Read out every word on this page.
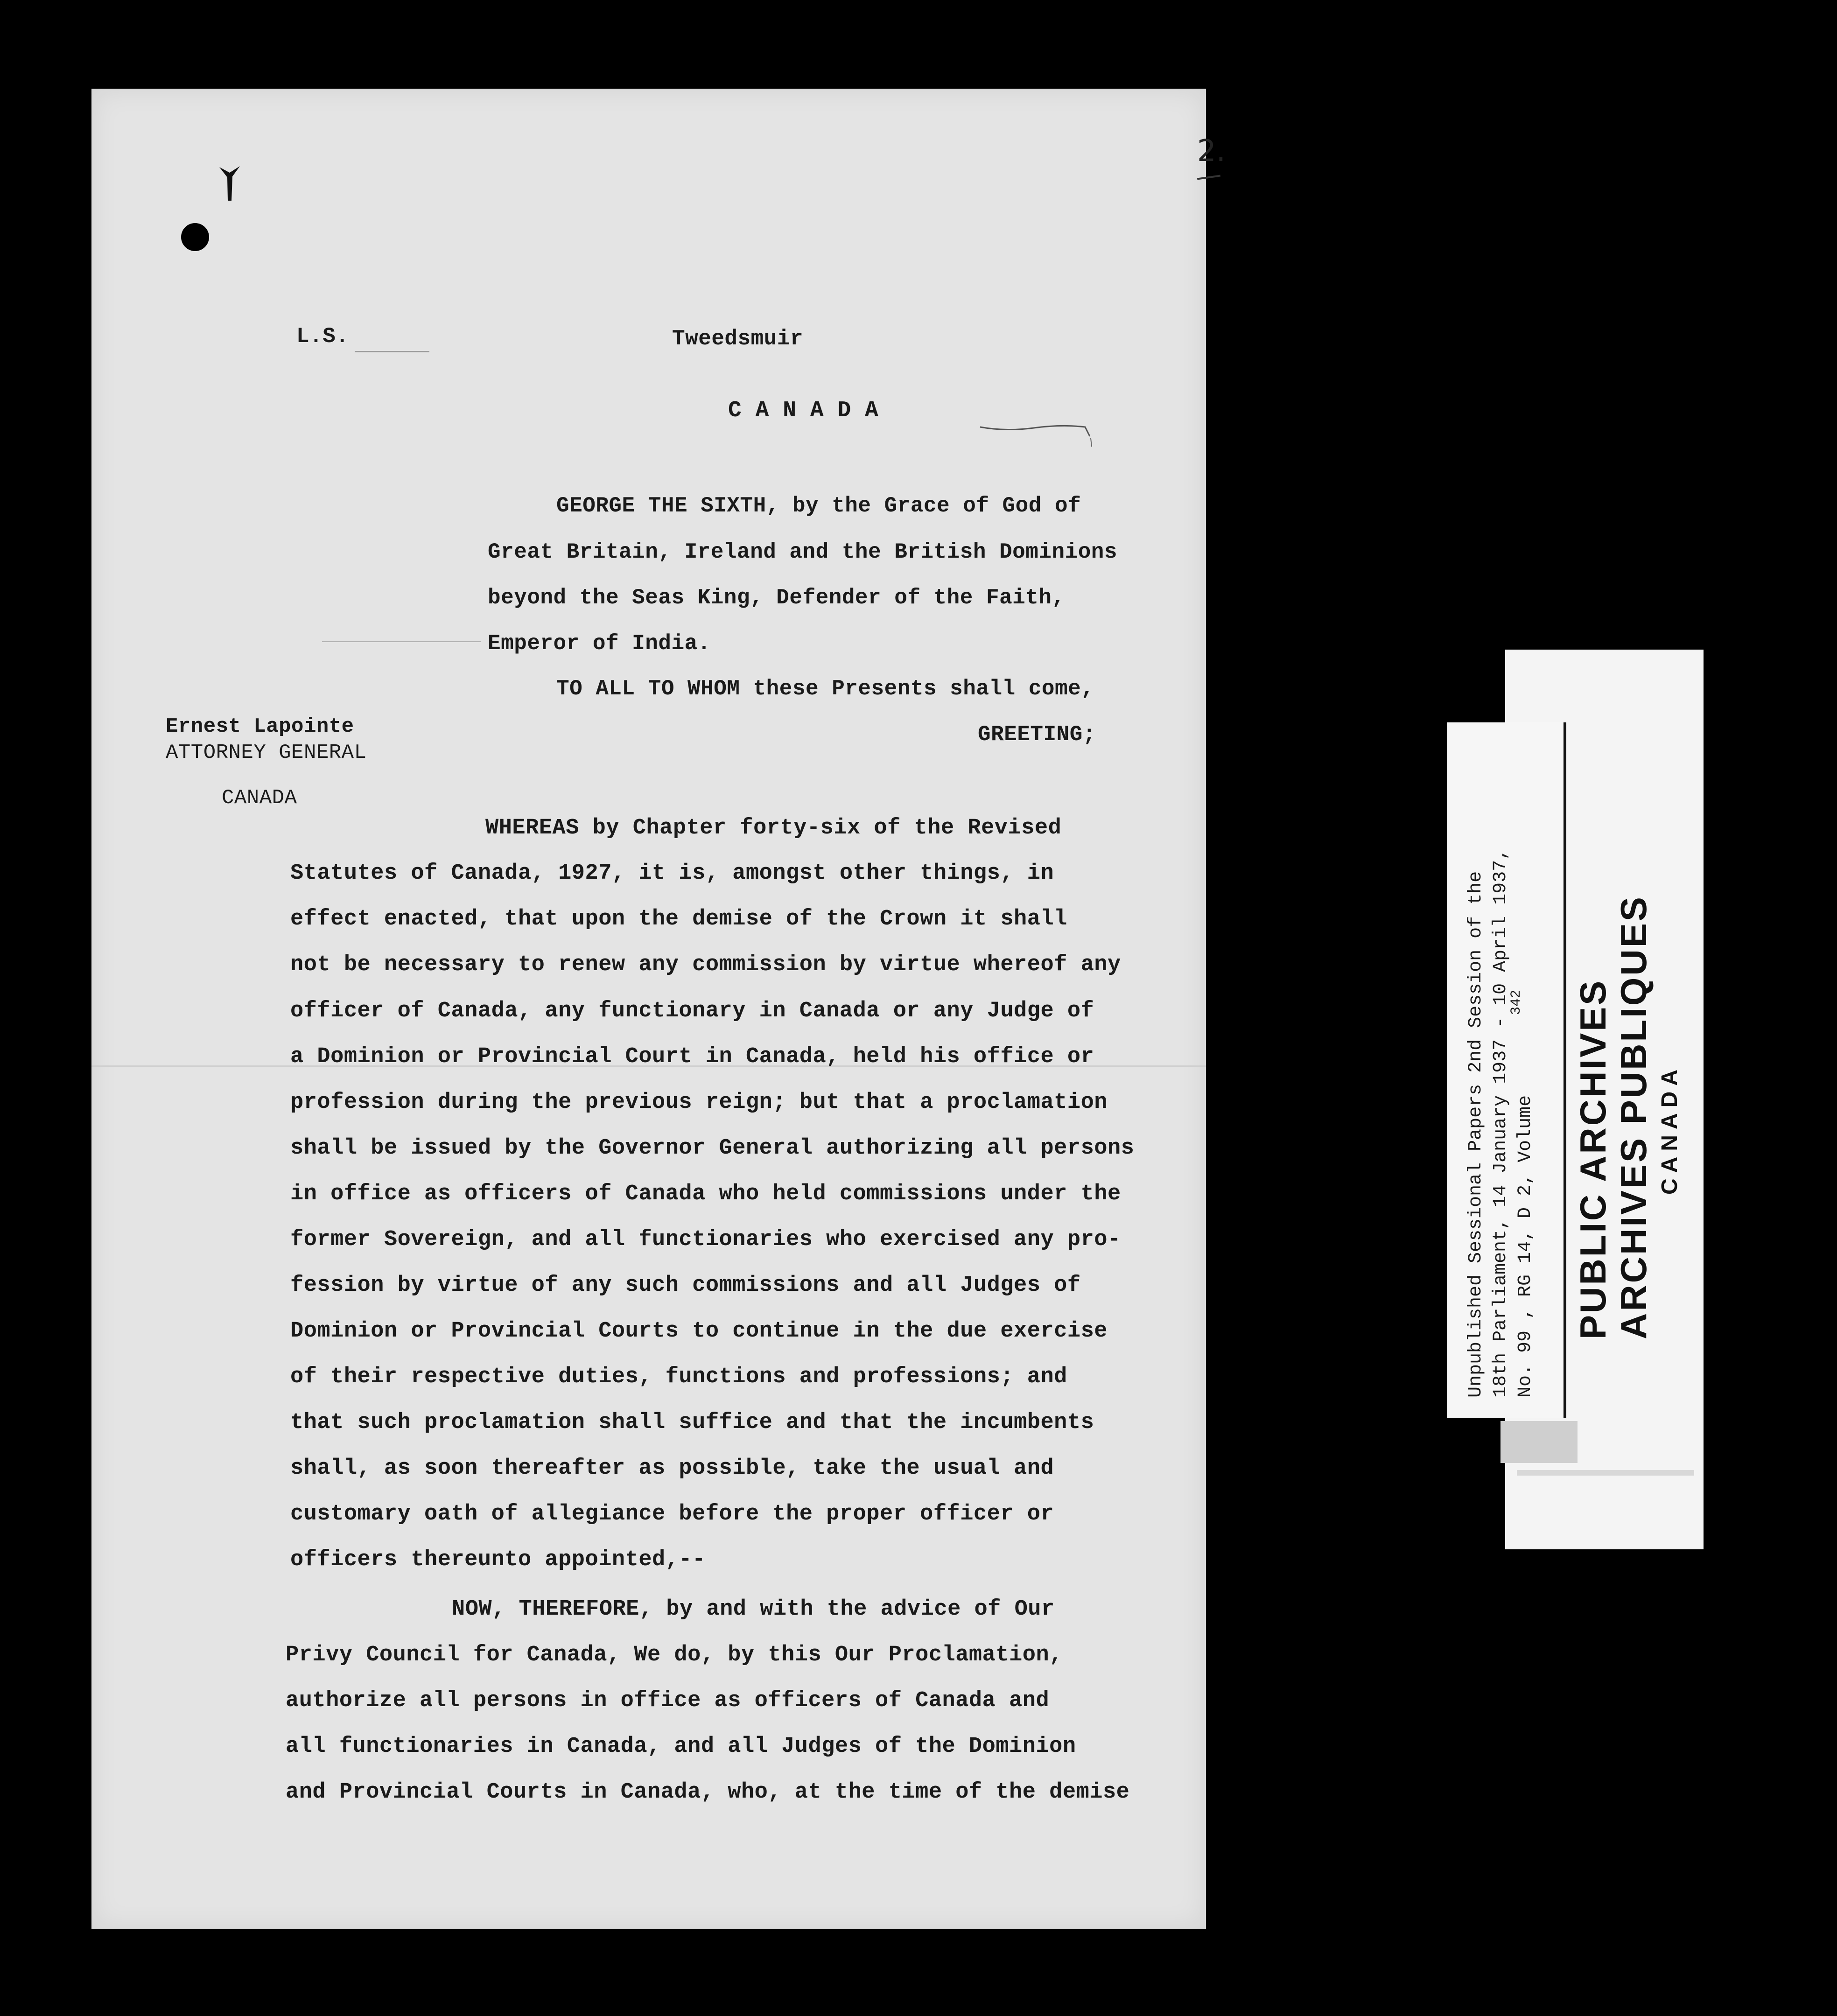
2.
L.S.	Tweedsmuir
C A N A D A
GEORGE THE SIXTH, by the Grace of God of
Great Britain, Ireland and the British Dominions
beyond the Seas King, Defender of the Faith,
Emperor of India.
TO ALL TO WHOM these Presents shall come,
GREETING;
Ernest Lapointe
ATTORNEY GENERAL
CANADA
WHEREAS by Chapter forty-six of the Revised
Statutes of Canada, 1927, it is, amongst other things, in
effect enacted, that upon the demise of the Crown it shall
not be necessary to renew any commission by virtue whereof any
officer of Canada, any functionary in Canada or any Judge of
a Dominion or Provincial Court in Canada, held his office or
profession during the previous reign; but that a proclamation
shall be issued by the Governor General authorizing all persons
in office as officers of Canada who held commissions under the
former Sovereign, and all functionaries who exercised any pro-
fession by virtue of any such commissions and all Judges of
Dominion or Provincial Courts to continue in the due exercise
of their respective duties, functions and professions; and
that such proclamation shall suffice and that the incumbents
shall, as soon thereafter as possible, take the usual and
customary oath of allegiance before the proper officer or
officers thereunto appointed,--
NOW, THEREFORE, by and with the advice of Our
Privy Council for Canada, We do, by this Our Proclamation,
authorize all persons in office as officers of Canada and
all functionaries in Canada, and all Judges of the Dominion
and Provincial Courts in Canada, who, at the time of the demise
Unpublished Sessional Papers 2nd Session of the 18th Parliament, 14 January 1937 - 10 April 1937, No. 99 , RG 14, D 2, Volume
342 PUBLIC ARCHIVES ARCHIVES PUBLIQUES CANADA
